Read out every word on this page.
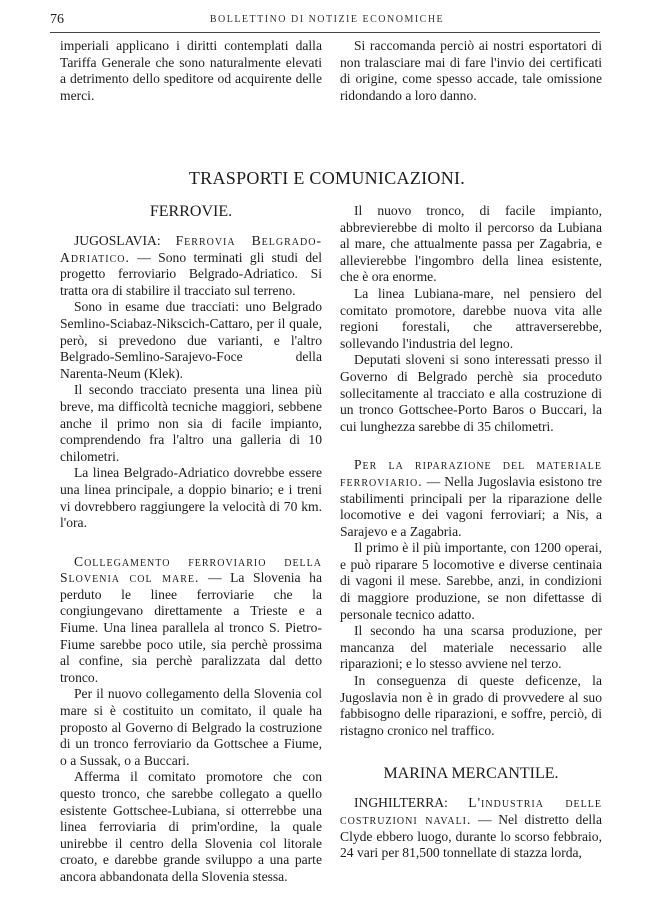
76	BOLLETTINO DI NOTIZIE ECONOMICHE

imperiali applicano i diritti contemplati dalla Tariffa Generale che sono naturalmente elevati a detrimento dello speditore od acquirente delle merci.

Si raccomanda perciò ai nostri esportatori di non tralasciare mai di fare l'invio dei certificati di origine, come spesso accade, tale omissione ridondando a loro danno.

TRASPORTI E COMUNICAZIONI.
FERROVIE.

JUGOSLAVIA: Ferrovia Belgrado-Adriatico. — Sono terminati gli studi del progetto ferroviario Belgrado-Adriatico. Si tratta ora di stabilire il tracciato sul terreno.

Sono in esame due tracciati: uno Belgrado Semlino-Sciabaz-Nikscich-Cattaro, per il quale, però, si prevedono due varianti, e l'altro Belgrado-Semlino-Sarajevo-Foce della Narenta-Neum (Klek).

Il secondo tracciato presenta una linea più breve, ma difficoltà tecniche maggiori, sebbene anche il primo non sia di facile impianto, comprendendo fra l'altro una galleria di 10 chilometri.

La linea Belgrado-Adriatico dovrebbe essere una linea principale, a doppio binario; e i treni vi dovrebbero raggiungere la velocità di 70 km. l'ora.

Collegamento ferroviario della Slovenia col mare. — La Slovenia ha perduto le linee ferroviarie che la congiungevano direttamente a Trieste e a Fiume. Una linea parallela al tronco S. Pietro-Fiume sarebbe poco utile, sia perchè prossima al confine, sia perchè paralizzata dal detto tronco.

Per il nuovo collegamento della Slovenia col mare si è costituito un comitato, il quale ha proposto al Governo di Belgrado la costruzione di un tronco ferroviario da Gottschee a Fiume, o a Sussak, o a Buccari.

Afferma il comitato promotore che con questo tronco, che sarebbe collegato a quello esistente Gottschee-Lubiana, si otterrebbe una linea ferroviaria di prim'ordine, la quale unirebbe il centro della Slovenia col litorale croato, e darebbe grande sviluppo a una parte ancora abbandonata della Slovenia stessa.

Il nuovo tronco, di facile impianto, abbrevierebbe di molto il percorso da Lubiana al mare, che attualmente passa per Zagabria, e allevierebbe l'ingombro della linea esistente, che è ora enorme.

La linea Lubiana-mare, nel pensiero del comitato promotore, darebbe nuova vita alle regioni forestali, che attraverserebbe, sollevando l'industria del legno.

Deputati sloveni si sono interessati presso il Governo di Belgrado perchè sia proceduto sollecitamente al tracciato e alla costruzione di un tronco Gottschee-Porto Baros o Buccari, la cui lunghezza sarebbe di 35 chilometri.

Per la riparazione del materiale ferroviario. — Nella Jugoslavia esistono tre stabilimenti principali per la riparazione delle locomotive e dei vagoni ferroviari; a Nis, a Sarajevo e a Zagabria.

Il primo è il più importante, con 1200 operai, e può riparare 5 locomotive e diverse centinaia di vagoni il mese. Sarebbe, anzi, in condizioni di maggiore produzione, se non difettasse di personale tecnico adatto.

Il secondo ha una scarsa produzione, per mancanza del materiale necessario alle riparazioni; e lo stesso avviene nel terzo.

In conseguenza di queste deficenze, la Jugoslavia non è in grado di provvedere al suo fabbisogno delle riparazioni, e soffre, perciò, di ristagno cronico nel traffico.

MARINA MERCANTILE.

INGHILTERRA: L'industria delle costruzioni navali. — Nel distretto della Clyde ebbero luogo, durante lo scorso febbraio, 24 vari per 81,500 tonnellate di stazza lorda,
